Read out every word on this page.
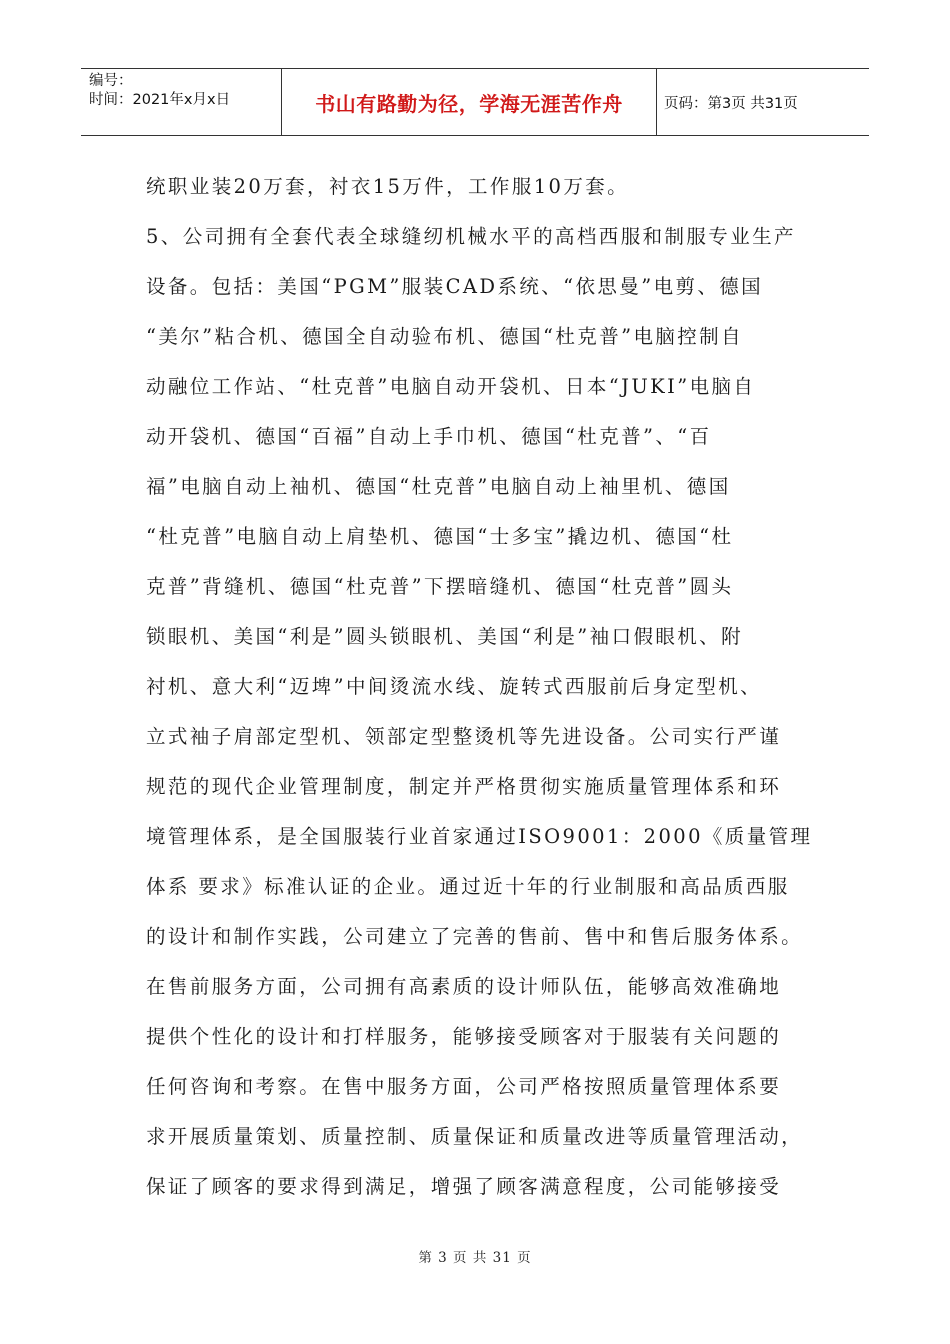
编号：
时间：2021年x月x日	书山有路勤为径，学海无涯苦作舟	页码：第3页 共31页
统职业装20万套，衬衣15万件，工作服10万套。
5、公司拥有全套代表全球缝纫机械水平的高档西服和制服专业生产
设备。包括：美国“PGM”服装CAD系统、“依思曼”电剪、德国
“美尔”粘合机、德国全自动验布机、德国“杜克普”电脑控制自
动融位工作站、“杜克普”电脑自动开袋机、日本“JUKI”电脑自
动开袋机、德国“百福”自动上手巾机、德国“杜克普”、“百
福”电脑自动上袖机、德国“杜克普”电脑自动上袖里机、德国
“杜克普”电脑自动上肩垫机、德国“士多宝”撬边机、德国“杜
克普”背缝机、德国“杜克普”下摆暗缝机、德国“杜克普”圆头
锁眼机、美国“利是”圆头锁眼机、美国“利是”袖口假眼机、附
衬机、意大利“迈埤”中间烫流水线、旋转式西服前后身定型机、
立式袖子肩部定型机、领部定型整烫机等先进设备。公司实行严谨
规范的现代企业管理制度，制定并严格贯彻实施质量管理体系和环
境管理体系，是全国服装行业首家通过ISO9001：2000《质量管理
体系 要求》标准认证的企业。通过近十年的行业制服和高品质西服
的设计和制作实践，公司建立了完善的售前、售中和售后服务体系。
在售前服务方面，公司拥有高素质的设计师队伍，能够高效准确地
提供个性化的设计和打样服务，能够接受顾客对于服装有关问题的
任何咨询和考察。在售中服务方面，公司严格按照质量管理体系要
求开展质量策划、质量控制、质量保证和质量改进等质量管理活动，
保证了顾客的要求得到满足，增强了顾客满意程度，公司能够接受
第 3 页 共 31 页
